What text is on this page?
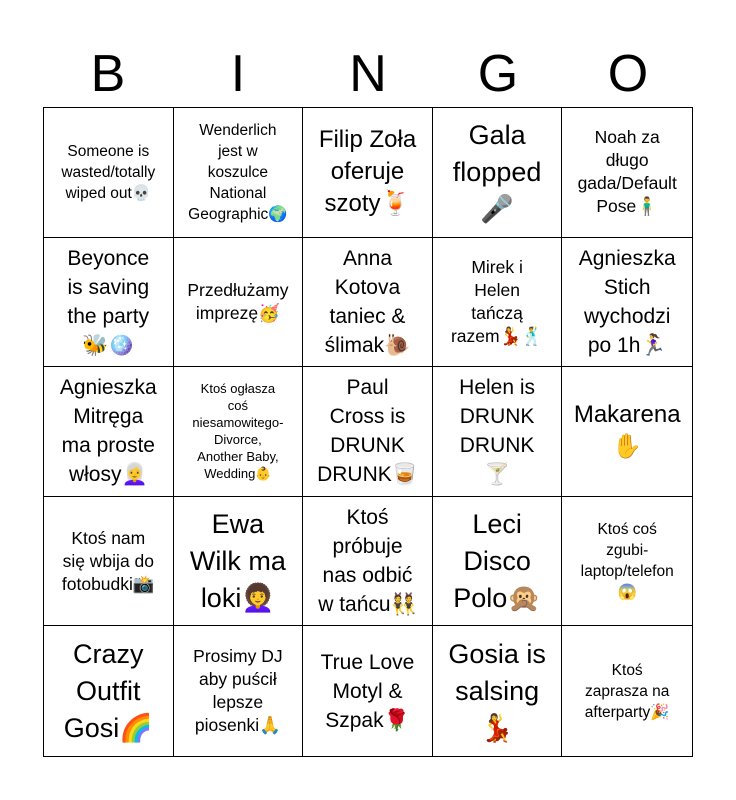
B	I	N	G	O
Someone is
wasted/totally
wiped out💀
Wenderlich
jest w
koszulce
National
Geographic🌍
Filip Zoła
oferuje
szoty🍹
Gala
flopped
🎤
Noah za
długo
gada/Default
Pose🧍‍♂️
Beyonce
is saving
the party
🐝🪩
Przedłużamy
imprezę🥳
Anna
Kotova
taniec &
ślimak🐌
Mirek i
Helen
tańczą
razem💃🕺
Agnieszka
Stich
wychodzi
po 1h🏃‍♀️
Agnieszka
Mitręga
ma proste
włosy👩‍🦳
Ktoś ogłasza
coś
niesamowitego-
Divorce,
Another Baby,
Wedding👶
Paul
Cross is
DRUNK
DRUNK🥃
Helen is
DRUNK
DRUNK
🍸
Makarena
✋
Ktoś nam
się wbija do
fotobudki📸
Ewa
Wilk ma
loki👩‍🦱
Ktoś
próbuje
nas odbić
w tańcu👯
Leci
Disco
Polo🙊
Ktoś coś
zgubi-
laptop/telefon
😱
Crazy
Outfit
Gosi🌈
Prosimy DJ
aby puścił
lepsze
piosenki🙏
True Love
Motyl &
Szpak🌹
Gosia is
salsing
💃
Ktoś
zaprasza na
afterparty🎉
